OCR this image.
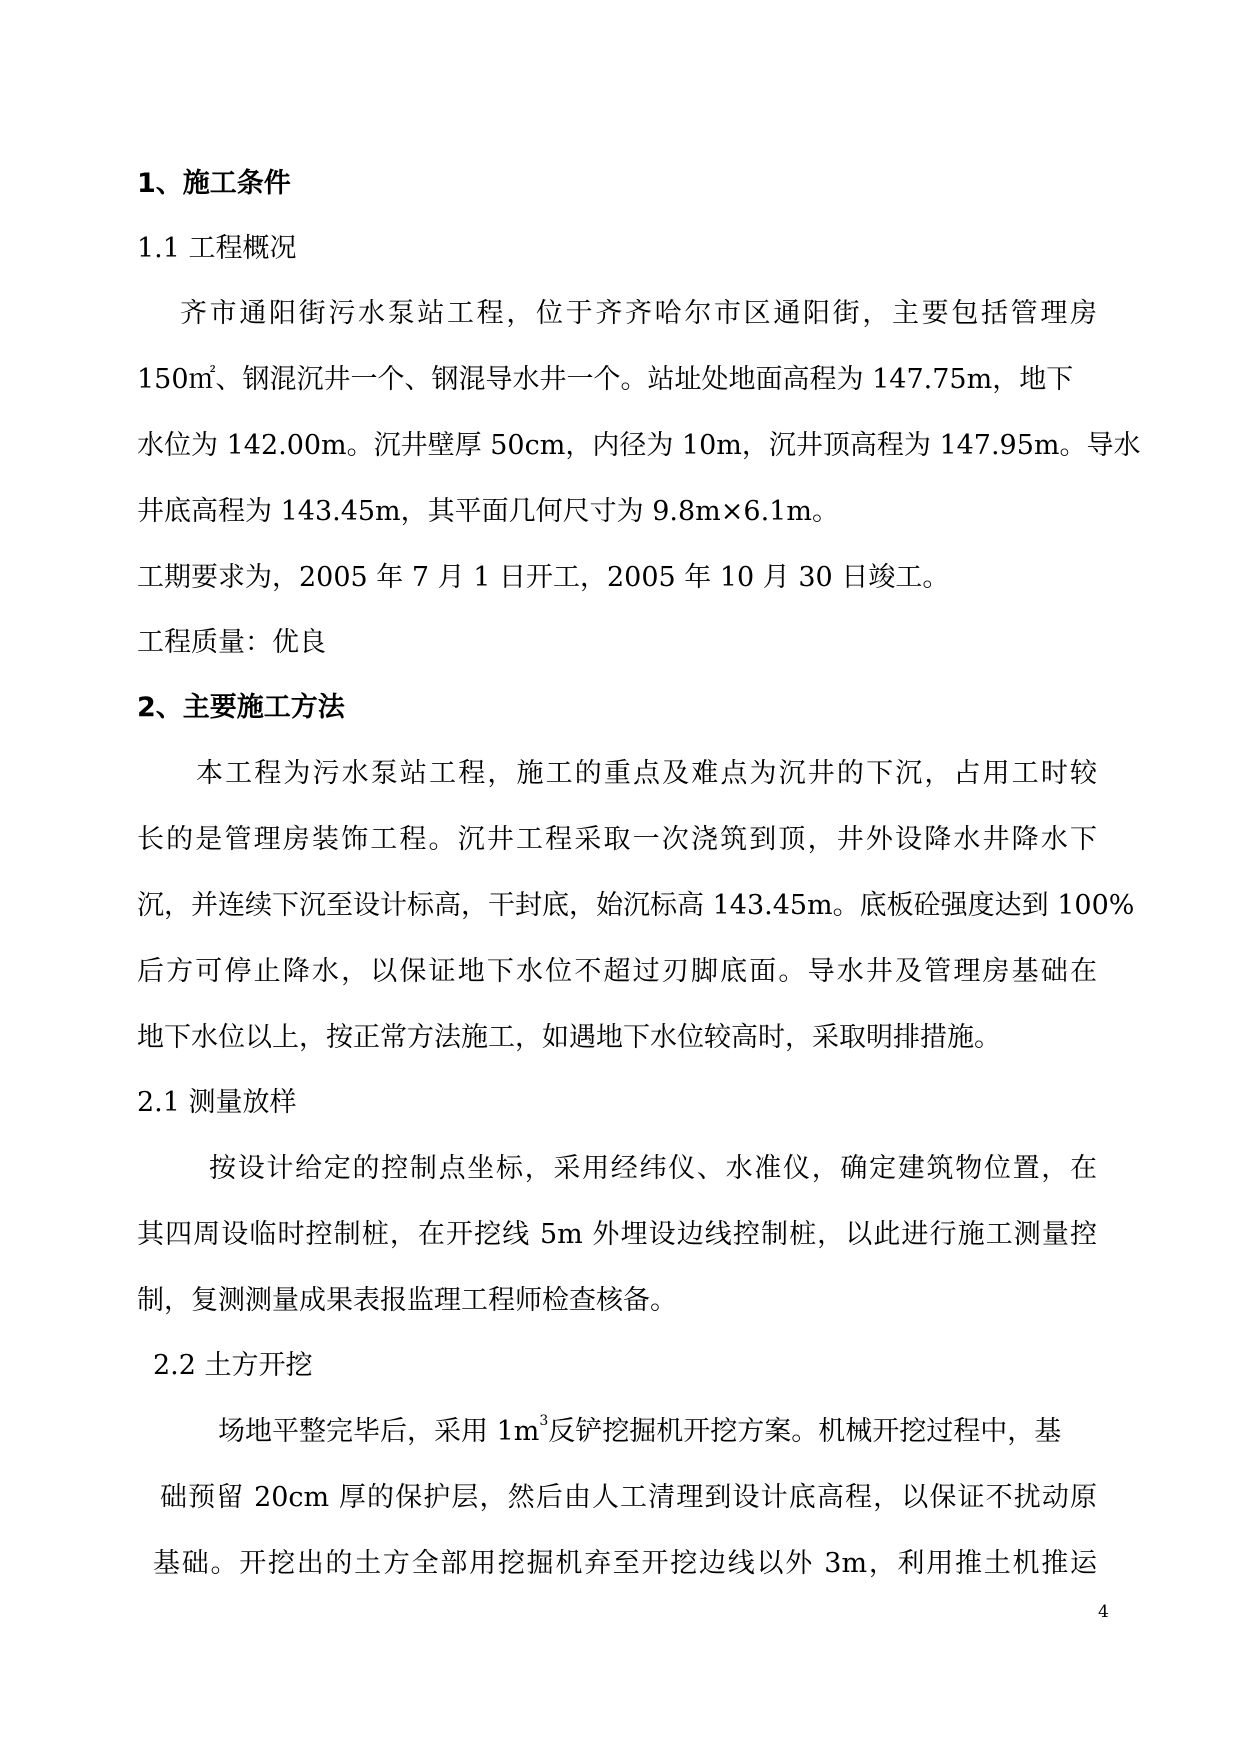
1、施工条件
1.1 工程概况
齐市通阳街污水泵站工程，位于齐齐哈尔市区通阳街，主要包括管理房
150㎡、钢混沉井一个、钢混导水井一个。站址处地面高程为 147.75m，地下
水位为 142.00m。沉井壁厚 50cm，内径为 10m，沉井顶高程为 147.95m。导水
井底高程为 143.45m，其平面几何尺寸为 9.8m×6.1m。
工期要求为，2005 年 7 月 1 日开工，2005 年 10 月 30 日竣工。
工程质量：优良
2、主要施工方法
本工程为污水泵站工程，施工的重点及难点为沉井的下沉，占用工时较
长的是管理房装饰工程。沉井工程采取一次浇筑到顶，井外设降水井降水下
沉，并连续下沉至设计标高，干封底，始沉标高 143.45m。底板砼强度达到 100%
后方可停止降水，以保证地下水位不超过刃脚底面。导水井及管理房基础在
地下水位以上，按正常方法施工，如遇地下水位较高时，采取明排措施。
2.1 测量放样
按设计给定的控制点坐标，采用经纬仪、水准仪，确定建筑物位置，在
其四周设临时控制桩，在开挖线 5m 外埋设边线控制桩，以此进行施工测量控
制，复测测量成果表报监理工程师检查核备。
2.2 土方开挖
场地平整完毕后，采用 $1m^3$反铲挖掘机开挖方案。机械开挖过程中，基
础预留 20cm 厚的保护层，然后由人工清理到设计底高程，以保证不扰动原
基础。开挖出的土方全部用挖掘机弃至开挖边线以外 3m，利用推土机推运
4
